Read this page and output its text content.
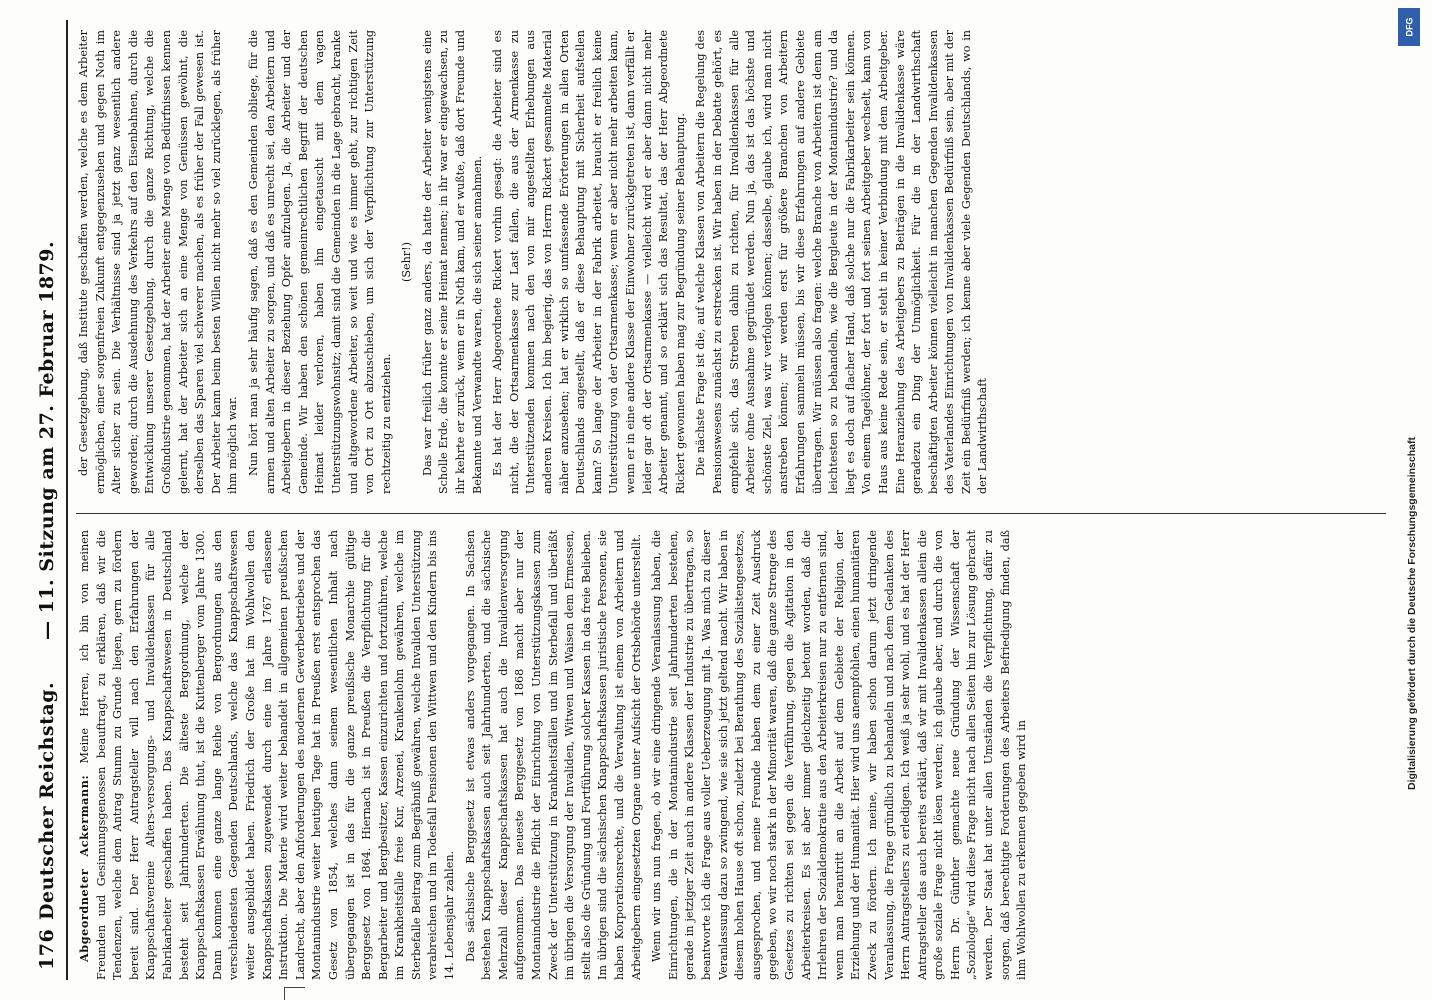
176
Deutscher Reichstag.
— 11. Sitzung am 27. Februar 1879.

Abgeordneter Ackermann: Meine Herren, ich bin von meinen Freunden und Gesinnungsgenossen beauftragt, zu erklären, daß wir die Tendenzen, welche dem Antrag Stumm zu Grunde liegen, gern zu fördern bereit sind. Der Herr Antragsteller will nach den Erfahrungen der Knappschaftsvereine Alters-versorgungs- und Invalidenkassen für alle Fabrikarbeiter geschaffen haben. Das Knappschaftswesen in Deutschland besteht seit Jahrhunderten. Die älteste Bergordnung, welche der Knappschaftskassen Erwähnung thut, ist die Kuttenberger vom Jahre 1300. Dann kommen eine ganze lange Reihe von Bergordnungen aus den verschiedensten Gegenden Deutschlands, welche das Knappschaftswesen weiter ausgebildet haben. Friedrich der Große hat im Wohlwollen den Knappschaftskassen zugewendet durch eine im Jahre 1767 erlassene Instruktion. Die Materie wird weiter behandelt in allgemeinen preußischen Landrecht, aber den Anforderungen des modernen Gewerbebetriebes und der Montanindustrie weiter heutigen Tage hat in Preußen erst entsprochen das Gesetz von 1854, welches dann seinem wesentlichen Inhalt nach übergegangen ist in das für die ganze preußische Monarchie gültige Berggesetz von 1864. Hiernach ist in Preußen die Verpflichtung für die Bergarbeiter und Bergbesitzer, Kassen einzurichten und fortzuführen, welche im Krankheitsfalle freie Kur, Arzenei, Krankenlohn gewähren, welche im Sterbefalle Beitrag zum Begräbniß gewähren, welche Invaliden Unterstützung verabreichen und im Todesfall Pensionen den Wittwen und den Kindern bis ins 14. Lebensjahr zahlen. Das sächsische Berggesetz ist etwas anders vorgegangen. In Sachsen bestehen Knappschaftskassen auch seit Jahrhunderten, und die sächsische Mehrzahl dieser Knappschaftskassen hat auch die Invalidenversorgung aufgenommen. Das neueste Berggesetz von 1868 macht aber nur der Montanindustrie die Pflicht der Einrichtung von Unterstützungskassen zum Zweck der Unterstützung in Krankheitsfällen und im Sterbefall und überläßt im übrigen die Versorgung der Invaliden, Witwen und Waisen dem Ermessen, stellt also die Gründung und Fortführung solcher Kassen in das freie Belieben. Im übrigen sind die sächsischen Knappschaftskassen juristische Personen, sie haben Korporationsrechte, und die Verwaltung ist einem von Arbeitern und Arbeitgebern eingesetzten Organe unter Aufsicht der Ortsbehörde unterstellt. Wenn wir uns nun fragen, ob wir eine dringende Veranlassung haben, die Einrichtungen, die in der Montanindustrie seit Jahrhunderten bestehen, gerade in jetziger Zeit auch in andere Klassen der Industrie zu übertragen, so beantworte ich die Frage aus voller Ueberzeugung mit Ja. Was mich zu dieser Veranlassung dazu so zwingend, wie sie sich jetzt geltend macht. Wir haben in diesem hohen Hause oft schon, zuletzt bei Berathung des Sozialistengesetzes, ausgesprochen, und meine Freunde haben dem zu einer Zeit Ausdruck gegeben, wo wir noch stark in der Minorität waren, daß die ganze Strenge des Gesetzes zu richten sei gegen die Verführung, gegen die Agitation in den Arbeiterkreisen. Es ist aber immer gleichzeitig betont worden, daß die Irrlehren der Sozialdemokratie aus den Arbeiterkreisen nur zu entfernen sind, wenn man herantritt an die Arbeit auf dem Gebiete der Religion, der Erziehung und der Humanität. Hier wird uns anempfohlen, einen humanitären Zweck zu fördern. Ich meine, wir haben schon darum jetzt dringende Veranlassung, die Frage gründlich zu behandeln und nach dem Gedanken des Herrn Antragstellers zu erledigen. Ich weiß ja sehr wohl, und es hat der Herr Antragsteller das auch bereits erklärt, daß wir mit Invalidenkassen allein die große soziale Frage nicht lösen werden; ich glaube aber, und durch die von Herrn Dr. Günther gemachte neue Gründung der Wissenschaft der „Soziologie“ wird diese Frage nicht nach allen Seiten hin zur Lösung gebracht werden. Der Staat hat unter allen Umständen die Verpflichtung, dafür zu sorgen, daß berechtigte Forderungen des Arbeiters Befriedigung finden, daß ihm Wohlwollen zu erkennen gegeben wird in

der Gesetzgebung, daß Institute geschaffen werden, welche es dem Arbeiter ermöglichen, einer sorgenfreien Zukunft entgegenzusehen und gegen Noth im Alter sicher zu sein. Die Verhältnisse sind ja jetzt ganz wesentlich andere geworden; durch die Ausdehnung des Verkehrs auf den Eisenbahnen, durch die Entwicklung unserer Gesetzgebung, durch die ganze Richtung, welche die Großindustrie genommen, hat der Arbeiter eine Menge von Bedürfnissen kennen gelernt, hat der Arbeiter sich an eine Menge von Genüssen gewöhnt, die derselben das Sparen viel schwerer machen, als es früher der Fall gewesen ist. Der Arbeiter kann beim besten Willen nicht mehr so viel zurücklegen, als früher ihm möglich war. Nun hört man ja sehr häufig sagen, daß es den Gemeinden obliege, für die armen und alten Arbeiter zu sorgen, und daß es unrecht sei, den Arbeitern und Arbeitgebern in dieser Beziehung Opfer aufzulegen. Ja, die Arbeiter und der Gemeinde. Wir haben den schönen gemeinrechtlichen Begriff der deutschen Heimat leider verloren, haben ihn eingetauscht mit dem vagen Unterstützungswohnsitz; damit sind die Gemeinden in die Lage gebracht, kranke und altgewordene Arbeiter, so weit und wie es immer geht, zur richtigen Zeit von Ort zu Ort abzuschieben, um sich der Verpflichtung zur Unterstützung rechtzeitig zu entziehen.

(Sehr!) Das war freilich früher ganz anders, da hatte der Arbeiter wenigstens eine Scholle Erde, die konnte er seine Heimat nennen; in ihr war er eingewachsen, zu ihr kehrte er zurück, wenn er in Noth kam, und er wußte, daß dort Freunde und Bekannte und Verwandte waren, die sich seiner annahmen. Es hat der Herr Abgeordnete Rickert vorhin gesagt: die Arbeiter sind es nicht, die der Ortsarmenkasse zur Last fallen, die aus der Armenkasse zu Unterstützenden kommen nach den von mir angestellten Erhebungen aus anderen Kreisen. Ich bin begierig, das von Herrn Rickert gesammelte Material näher anzusehen; hat er wirklich so umfassende Erörterungen in allen Orten Deutschlands angestellt, daß er diese Behauptung mit Sicherheit aufstellen kann? So lange der Arbeiter in der Fabrik arbeitet, braucht er freilich keine Unterstützung von der Ortsarmenkasse; wenn er aber nicht mehr arbeiten kann, wenn er in eine andere Klasse der Einwohner zurückgetreten ist, dann verfällt er leider gar oft der Ortsarmenkasse — vielleicht wird er aber dann nicht mehr Arbeiter genannt, und so erklärt sich das Resultat, das der Herr Abgeordnete Rickert gewonnen haben mag zur Begründung seiner Behauptung. Die nächste Frage ist die, auf welche Klassen von Arbeitern die Regelung des Pensionswesens zunächst zu erstrecken ist. Wir haben in der Debatte gehört, es empfehle sich, das Streben dahin zu richten, für Invalidenkassen für alle Arbeiter ohne Ausnahme gegründet werden. Nun ja, das ist das höchste und schönste Ziel, was wir verfolgen können; dasselbe, glaube ich, wird man nicht anstreben können; wir werden erst für größere Branchen von Arbeitern Erfahrungen sammeln müssen, bis wir diese Erfahrungen auf andere Gebiete übertragen. Wir müssen also fragen: welche Branche von Arbeitern ist denn am leichtesten so zu behandeln, wie die Bergleute in der Montanindustrie? und da liegt es doch auf flacher Hand, daß solche nur die Fabrikarbeiter sein können. Von einem Tagelöhner, der fort und fort seinen Arbeitgeber wechselt, kann von Haus aus keine Rede sein, er steht in keiner Verbindung mit dem Arbeitgeber. Eine Heranziehung des Arbeitgebers zu Beiträgen in die Invalidenkasse wäre geradezu ein Ding der Unmöglichkeit. Für die in der Landwirthschaft beschäftigten Arbeiter können vielleicht in manchen Gegenden Invalidenkassen des Vaterlandes Einrichtungen von Invalidenkassen Bedürfniß sein, aber mit der Zeit ein Bedürfniß werden; ich kenne aber viele Gegenden Deutschlands, wo in der Landwirthschaft

DFG
Digitalisierung gefördert durch die Deutsche Forschungsgemeinschaft
